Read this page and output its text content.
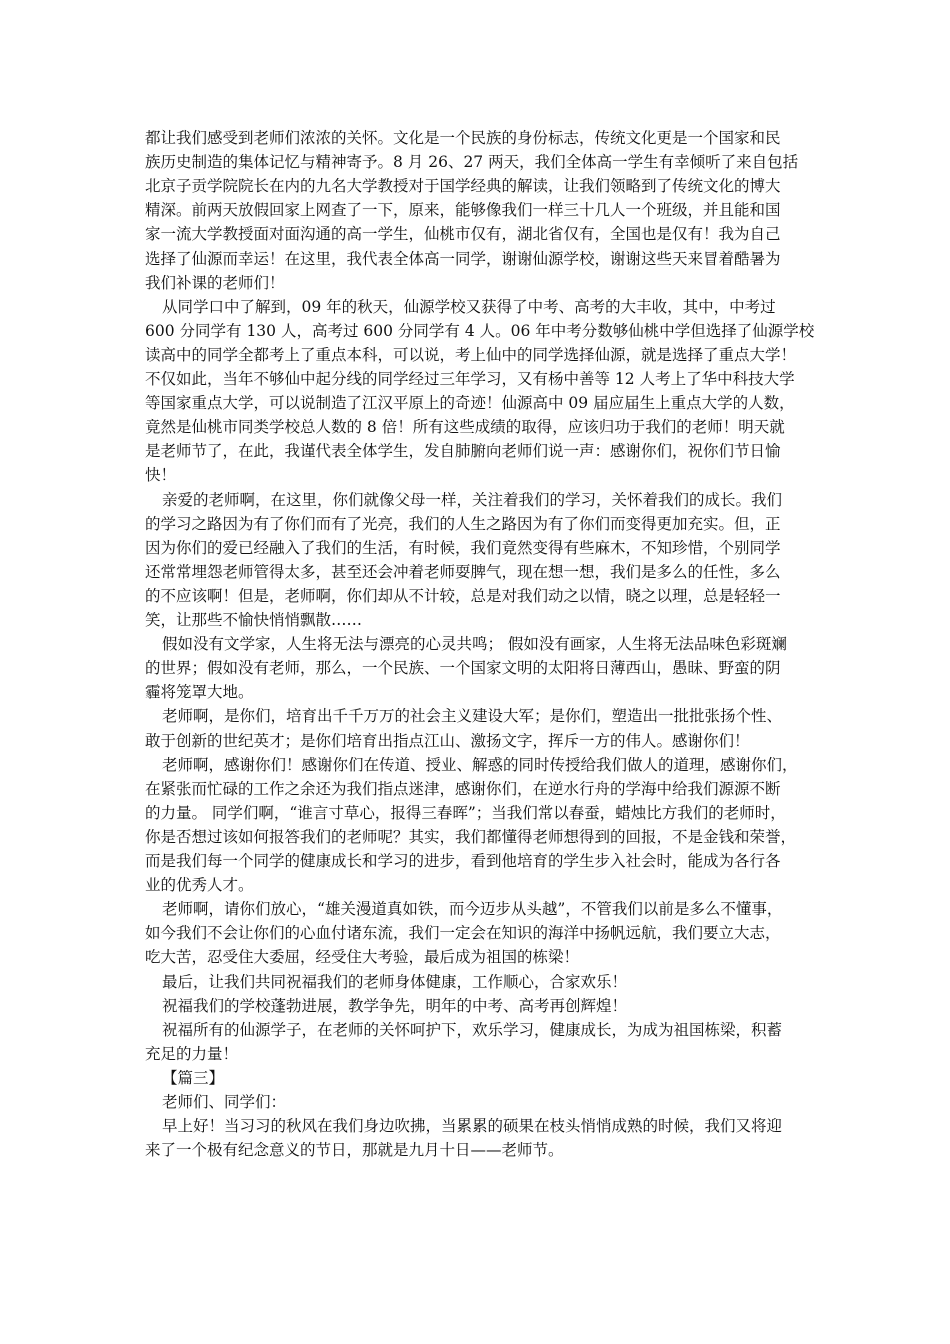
都让我们感受到老师们浓浓的关怀。文化是一个民族的身份标志，传统文化更是一个国家和民

族历史制造的集体记忆与精神寄予。8 月 26、27 两天，我们全体高一学生有幸倾听了来自包括

北京子贡学院院长在内的九名大学教授对于国学经典的解读，让我们领略到了传统文化的博大

精深。前两天放假回家上网查了一下，原来，能够像我们一样三十几人一个班级，并且能和国

家一流大学教授面对面沟通的高一学生，仙桃市仅有，湖北省仅有，全国也是仅有！我为自己

选择了仙源而幸运！在这里，我代表全体高一同学，谢谢仙源学校，谢谢这些天来冒着酷暑为

我们补课的老师们！

从同学口中了解到，09 年的秋天，仙源学校又获得了中考、高考的大丰收，其中，中考过

600 分同学有 130 人，高考过 600 分同学有 4 人。06 年中考分数够仙桃中学但选择了仙源学校

读高中的同学全都考上了重点本科，可以说，考上仙中的同学选择仙源，就是选择了重点大学！

不仅如此，当年不够仙中起分线的同学经过三年学习，又有杨中善等 12 人考上了华中科技大学

等国家重点大学，可以说制造了江汉平原上的奇迹！仙源高中 09 届应届生上重点大学的人数，

竟然是仙桃市同类学校总人数的 8 倍！所有这些成绩的取得，应该归功于我们的老师！明天就

是老师节了，在此，我谨代表全体学生，发自肺腑向老师们说一声：感谢你们，祝你们节日愉

快！

亲爱的老师啊，在这里，你们就像父母一样，关注着我们的学习，关怀着我们的成长。我们

的学习之路因为有了你们而有了光亮，我们的人生之路因为有了你们而变得更加充实。但，正

因为你们的爱已经融入了我们的生活，有时候，我们竟然变得有些麻木，不知珍惜，个别同学

还常常埋怨老师管得太多，甚至还会冲着老师耍脾气，现在想一想，我们是多么的任性，多么

的不应该啊！但是，老师啊，你们却从不计较，总是对我们动之以情，晓之以理，总是轻轻一

笑，让那些不愉快悄悄飘散……

假如没有文学家，人生将无法与漂亮的心灵共鸣； 假如没有画家，人生将无法品味色彩斑斓

的世界；假如没有老师，那么，一个民族、一个国家文明的太阳将日薄西山，愚昧、野蛮的阴

霾将笼罩大地。

老师啊，是你们，培育出千千万万的社会主义建设大军；是你们，塑造出一批批张扬个性、

敢于创新的世纪英才；是你们培育出指点江山、激扬文字，挥斥一方的伟人。感谢你们！

老师啊，感谢你们！感谢你们在传道、授业、解惑的同时传授给我们做人的道理，感谢你们，

在紧张而忙碌的工作之余还为我们指点迷津，感谢你们，在逆水行舟的学海中给我们源源不断

的力量。 同学们啊，“谁言寸草心，报得三春晖”；当我们常以春蚕，蜡烛比方我们的老师时，

你是否想过该如何报答我们的老师呢？其实，我们都懂得老师想得到的回报，不是金钱和荣誉，

而是我们每一个同学的健康成长和学习的进步，看到他培育的学生步入社会时，能成为各行各

业的优秀人才。

老师啊，请你们放心，“雄关漫道真如铁，而今迈步从头越”，不管我们以前是多么不懂事，

如今我们不会让你们的心血付诸东流，我们一定会在知识的海洋中扬帆远航，我们要立大志，

吃大苦，忍受住大委屈，经受住大考验，最后成为祖国的栋梁！

最后，让我们共同祝福我们的老师身体健康，工作顺心，合家欢乐！

祝福我们的学校蓬勃进展，教学争先，明年的中考、高考再创辉煌！

祝福所有的仙源学子，在老师的关怀呵护下，欢乐学习，健康成长，为成为祖国栋梁，积蓄

充足的力量！

【篇三】

老师们、同学们：

早上好！当习习的秋风在我们身边吹拂，当累累的硕果在枝头悄悄成熟的时候，我们又将迎

来了一个极有纪念意义的节日，那就是九月十日——老师节。
